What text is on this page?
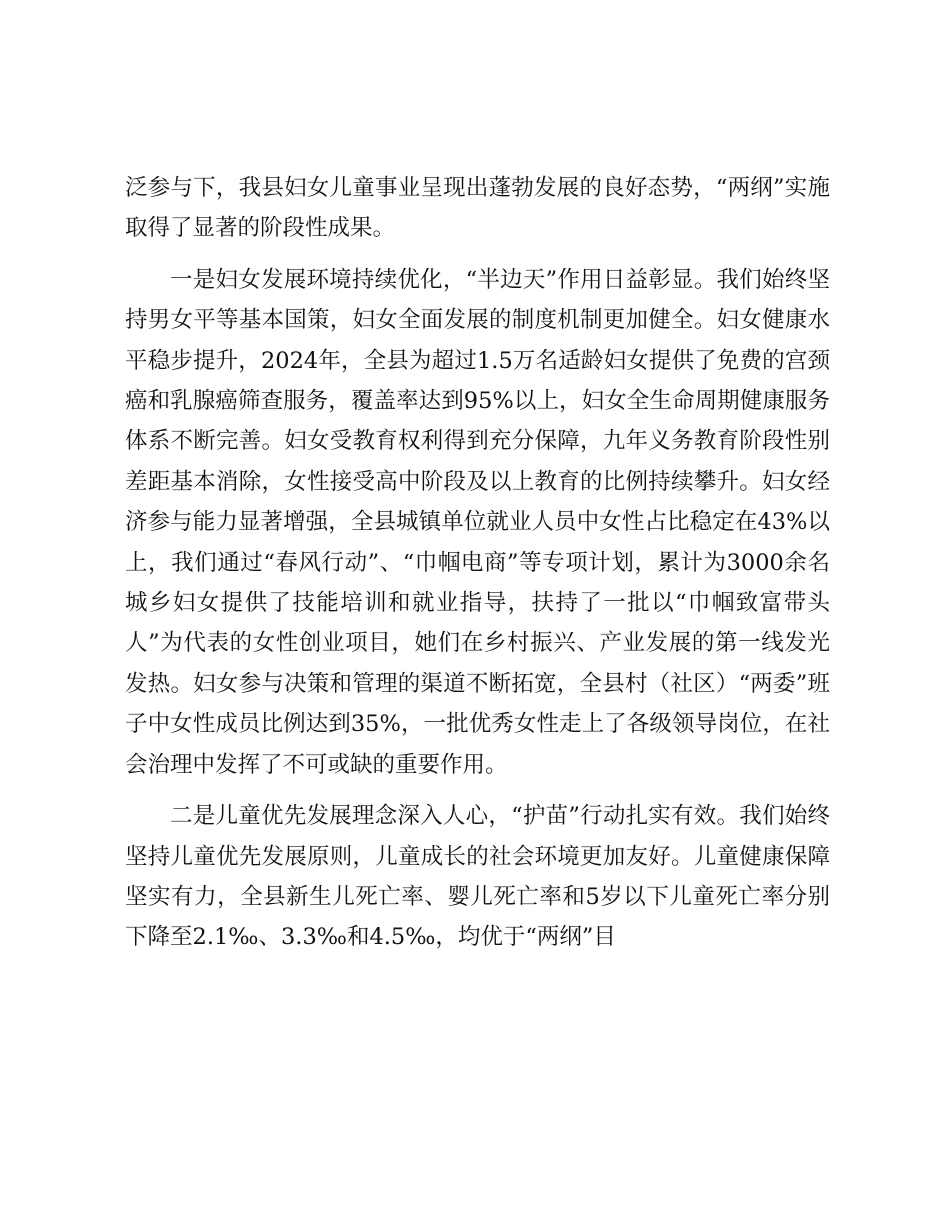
泛参与下，我县妇女儿童事业呈现出蓬勃发展的良好态势，“两纲”实施取得了显著的阶段性成果。

一是妇女发展环境持续优化，“半边天”作用日益彰显。我们始终坚持男女平等基本国策，妇女全面发展的制度机制更加健全。妇女健康水平稳步提升，2024年，全县为超过1.5万名适龄妇女提供了免费的宫颈癌和乳腺癌筛查服务，覆盖率达到95%以上，妇女全生命周期健康服务体系不断完善。妇女受教育权利得到充分保障，九年义务教育阶段性别差距基本消除，女性接受高中阶段及以上教育的比例持续攀升。妇女经济参与能力显著增强，全县城镇单位就业人员中女性占比稳定在43%以上，我们通过“春风行动”、“巾帼电商”等专项计划，累计为3000余名城乡妇女提供了技能培训和就业指导，扶持了一批以“巾帼致富带头人”为代表的女性创业项目，她们在乡村振兴、产业发展的第一线发光发热。妇女参与决策和管理的渠道不断拓宽，全县村（社区）“两委”班子中女性成员比例达到35%，一批优秀女性走上了各级领导岗位，在社会治理中发挥了不可或缺的重要作用。

二是儿童优先发展理念深入人心，“护苗”行动扎实有效。我们始终坚持儿童优先发展原则，儿童成长的社会环境更加友好。儿童健康保障坚实有力，全县新生儿死亡率、婴儿死亡率和5岁以下儿童死亡率分别下降至2.1‰、3.3‰和4.5‰，均优于“两纲”目
